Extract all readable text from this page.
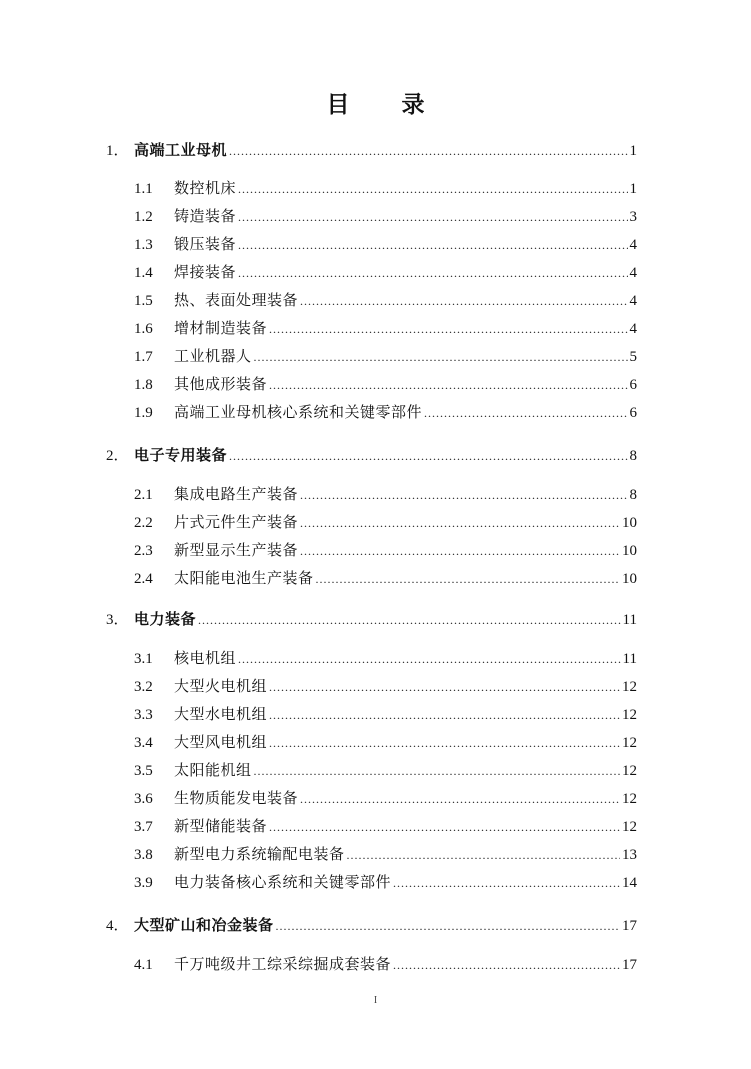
目 录
1． 高端工业母机 .....	1
1.1	数控机床 .....	1
1.2	铸造装备 .....	3
1.3	锻压装备 .....	4
1.4	焊接装备 .....	4
1.5	热、表面处理装备 .....	4
1.6	增材制造装备 .....	4
1.7	工业机器人 .....	5
1.8	其他成形装备 .....	6
1.9	高端工业母机核心系统和关键零部件 .....	6
2． 电子专用装备 .....	8
2.1	集成电路生产装备 .....	8
2.2	片式元件生产装备 .....	10
2.3	新型显示生产装备 .....	10
2.4	太阳能电池生产装备 .....	10
3． 电力装备 .....	11
3.1	核电机组 .....	11
3.2	大型火电机组 .....	12
3.3	大型水电机组 .....	12
3.4	大型风电机组 .....	12
3.5	太阳能机组 .....	12
3.6	生物质能发电装备 .....	12
3.7	新型储能装备 .....	12
3.8	新型电力系统输配电装备 .....	13
3.9	电力装备核心系统和关键零部件 .....	14
4． 大型矿山和冶金装备 .....	17
4.1	千万吨级井工综采综掘成套装备 .....	17
I
